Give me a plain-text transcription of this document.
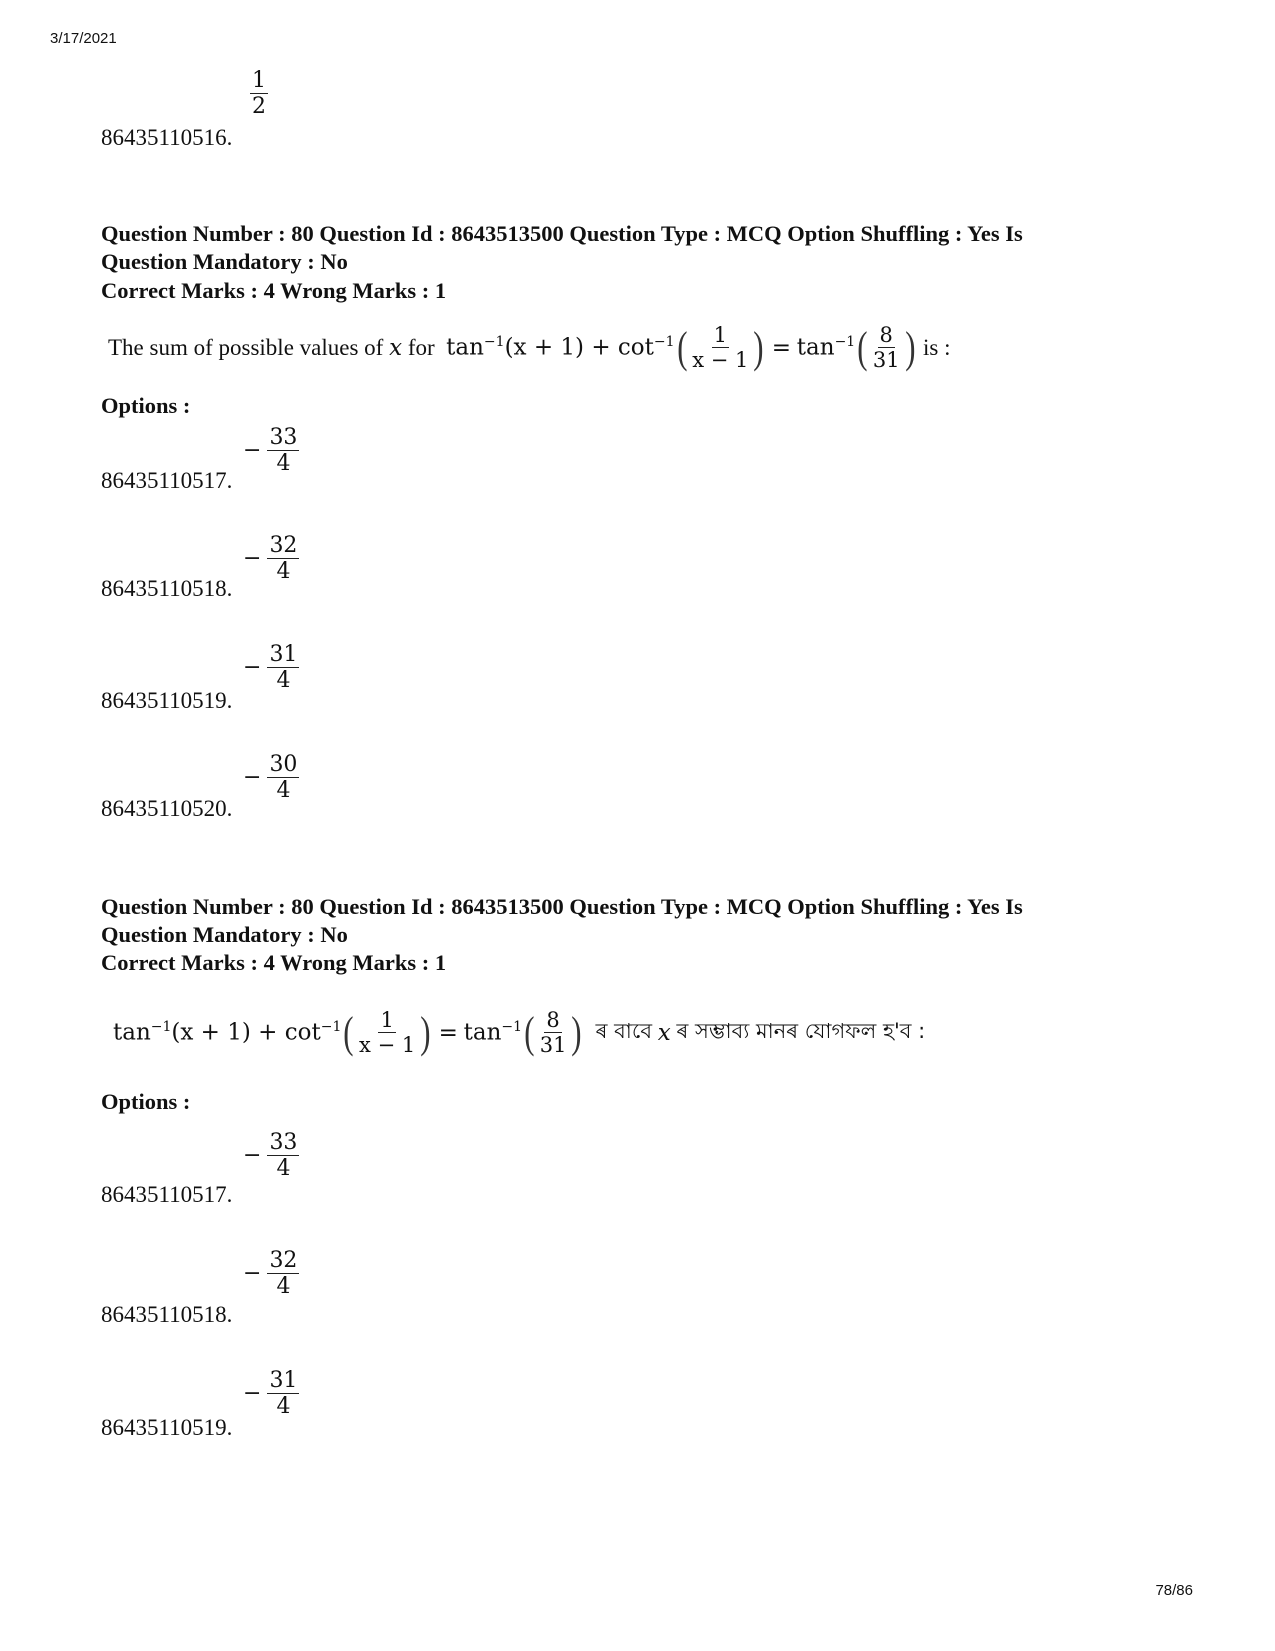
3/17/2021
$\frac{1}{2}$
86435110516.
Question Number : 80 Question Id : 8643513500 Question Type : MCQ Option Shuffling : Yes Is Question Mandatory : No
Correct Marks : 4 Wrong Marks : 1
The sum of possible values of
x
for
$\tan^{-1}(x + 1) + \cot^{-1}$ ( $\frac{1}{x - 1}$ )
=
$\tan^{-1}$ ( $\frac{8}{31}$ )
is :
Options :
− $\frac{33}{4}$
86435110517.
− $\frac{32}{4}$
86435110518.
− $\frac{31}{4}$
86435110519.
− $\frac{30}{4}$
86435110520.
Question Number : 80 Question Id : 8643513500 Question Type : MCQ Option Shuffling : Yes Is Question Mandatory : No
Correct Marks : 4 Wrong Marks : 1
$\tan^{-1}(x + 1) + \cot^{-1}$ ( $\frac{1}{x - 1}$ )
=
$\tan^{-1}$ ( $\frac{8}{31}$ )
ৰ বাবে
x
ৰ সম্ভাব্য মানৰ যোগফল হ'ব :
Options :
− $\frac{33}{4}$
86435110517.
− $\frac{32}{4}$
86435110518.
− $\frac{31}{4}$
86435110519.
78/86
